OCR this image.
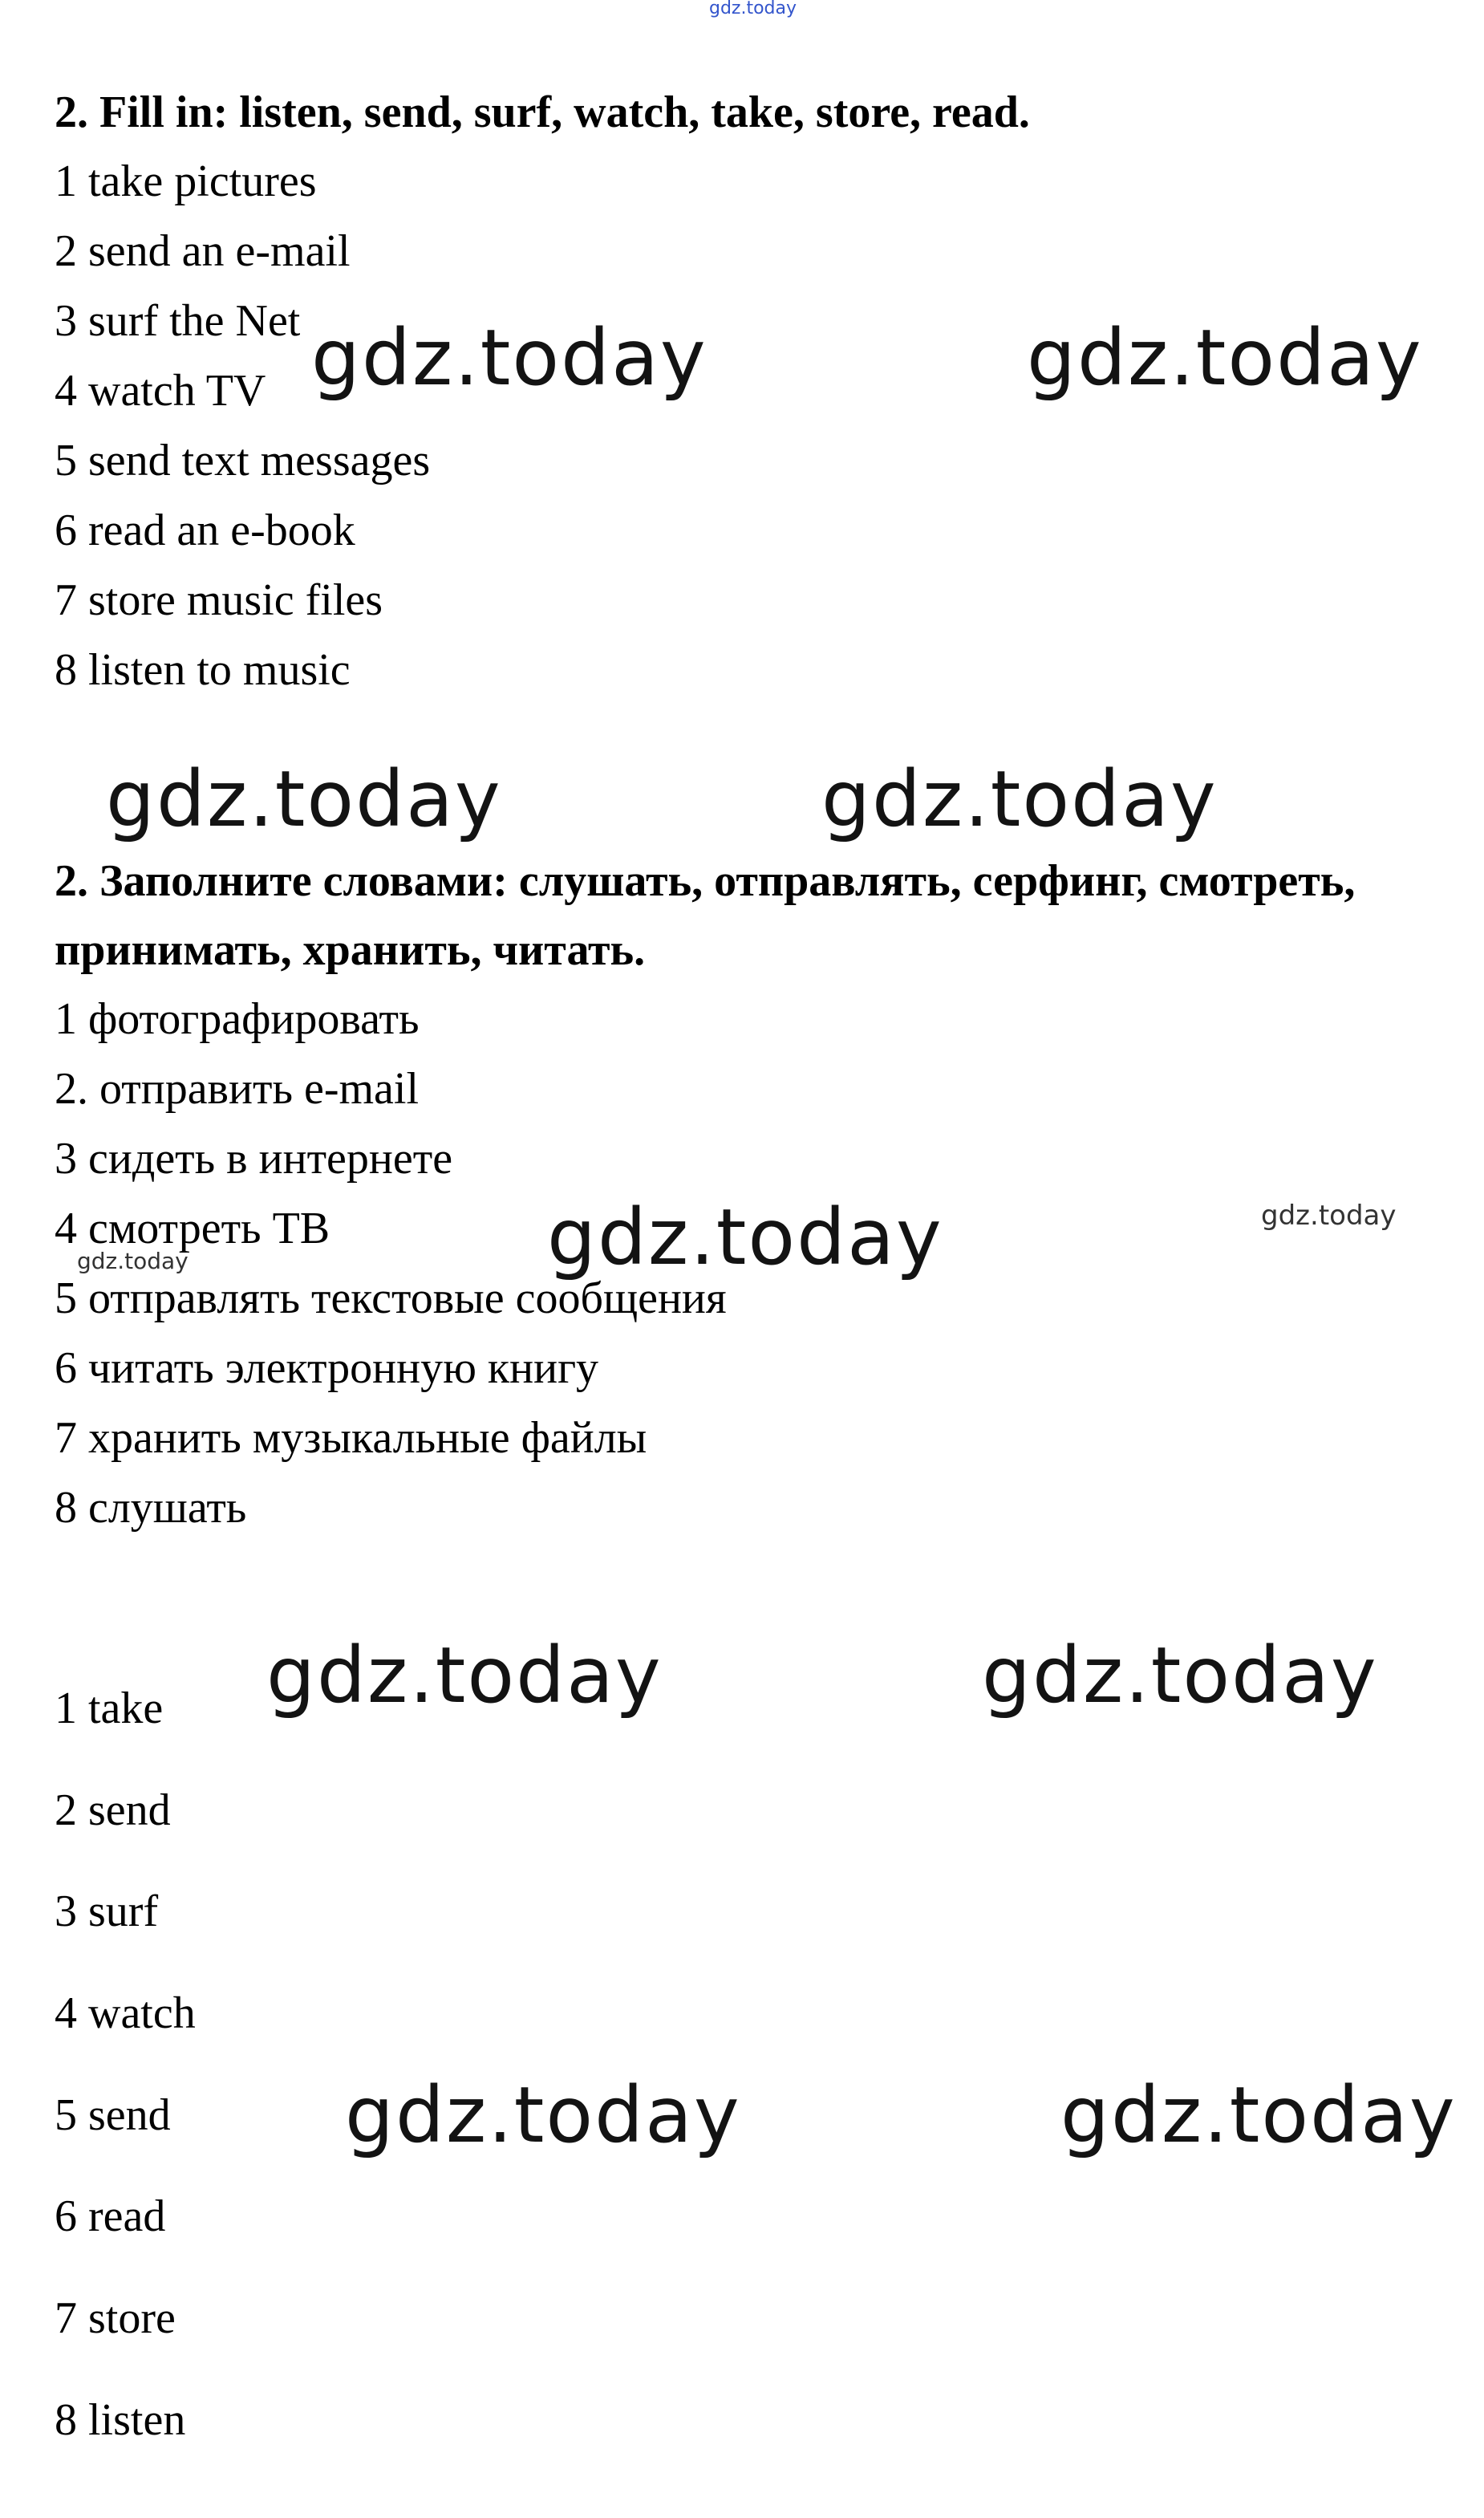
gdz.today
2. Fill in: listen, send, surf, watch, take, store, read.
1 take pictures
2 send an e-mail
3 surf the Net
4 watch TV
5 send text messages
6 read an e-book
7 store music files
8 listen to music
2. Заполните словами: слушать, отправлять, серфинг, смотреть,
принимать, хранить, читать.
1 фотографировать
2. отправить e-mail
3 сидеть в интернете
4 смотреть ТВ
5 отправлять текстовые сообщения
6 читать электронную книгу
7 хранить музыкальные файлы
8 слушать
1 take
2 send
3 surf
4 watch
5 send
6 read
7 store
8 listen
gdz.today	gdz.today
gdz.today	gdz.today
gdz.today
gdz.today	gdz.today
gdz.today	gdz.today
gdz.today
gdz.today
